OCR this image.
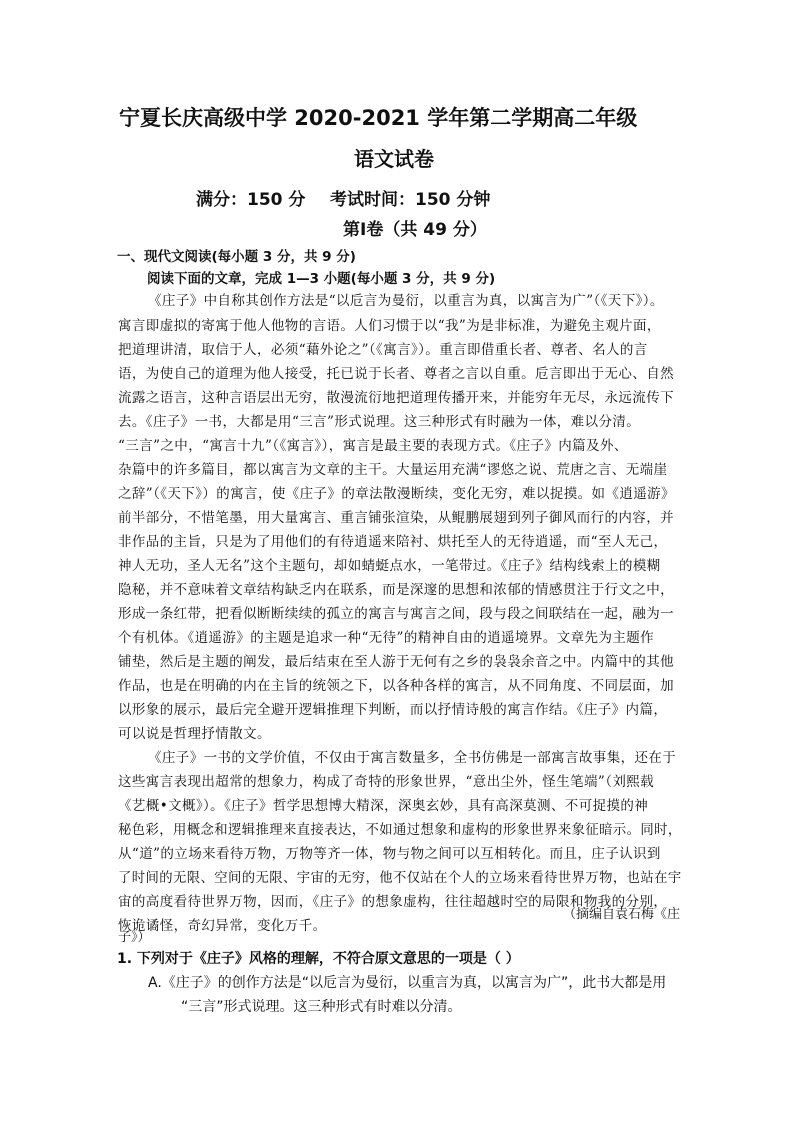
宁夏长庆高级中学 2020-2021 学年第二学期高二年级
语文试卷
满分：150 分 考试时间：150 分钟
第Ⅰ卷（共 49 分）
一、现代文阅读(每小题 3 分，共 9 分)
阅读下面的文章，完成 1—3 小题(每小题 3 分，共 9 分)
《庄子》中自称其创作方法是“以卮言为曼衍，以重言为真，以寓言为广”（《天下》）。
寓言即虚拟的寄寓于他人他物的言语。人们习惯于以“我”为是非标准，为避免主观片面，
把道理讲清，取信于人，必须“藉外论之”（《寓言》）。重言即借重长者、尊者、名人的言
语，为使自己的道理为他人接受，托已说于长者、尊者之言以自重。卮言即出于无心、自然
流露之语言，这种言语层出无穷，散漫流衍地把道理传播开来，并能穷年无尽，永远流传下
去。《庄子》一书，大都是用“三言”形式说理。这三种形式有时融为一体，难以分清。
“三言”之中，“寓言十九”（《寓言》），寓言是最主要的表现方式。《庄子》内篇及外、
杂篇中的许多篇目，都以寓言为文章的主干。大量运用充满“谬悠之说、荒唐之言、无端崖
之辞”（《天下》）的寓言，使《庄子》的章法散漫断续，变化无穷，难以捉摸。如《逍遥游》
前半部分，不惜笔墨，用大量寓言、重言铺张渲染，从鲲鹏展翅到列子御风而行的内容，并
非作品的主旨，只是为了用他们的有待逍遥来陪衬、烘托至人的无待逍遥，而“至人无己，
神人无功，圣人无名”这个主题句，却如蜻蜓点水，一笔带过。《庄子》结构线索上的模糊
隐秘，并不意味着文章结构缺乏内在联系，而是深邃的思想和浓郁的情感贯注于行文之中，
形成一条红带，把看似断断续续的孤立的寓言与寓言之间，段与段之间联结在一起，融为一
个有机体。《逍遥游》的主题是追求一种“无待”的精神自由的逍遥境界。文章先为主题作
铺垫，然后是主题的阐发，最后结束在至人游于无何有之乡的袅袅余音之中。内篇中的其他
作品，也是在明确的内在主旨的统领之下，以各种各样的寓言，从不同角度、不同层面，加
以形象的展示，最后完全避开逻辑推理下判断，而以抒情诗般的寓言作结。《庄子》内篇，
可以说是哲理抒情散文。
《庄子》一书的文学价值，不仅由于寓言数量多，全书仿佛是一部寓言故事集，还在于
这些寓言表现出超常的想象力，构成了奇特的形象世界，“意出尘外，怪生笔端”（刘熙载
《艺概•文概》）。《庄子》哲学思想博大精深，深奥玄妙，具有高深莫测、不可捉摸的神
秘色彩，用概念和逻辑推理来直接表达，不如通过想象和虚构的形象世界来象征暗示。同时，
从“道”的立场来看待万物，万物等齐一体，物与物之间可以互相转化。而且，庄子认识到
了时间的无限、空间的无限、宇宙的无穷，他不仅站在个人的立场来看待世界万物，也站在宇
宙的高度看待世界万物，因而，《庄子》的想象虚构，往往超越时空的局限和物我的分别，
恢诡谲怪，奇幻异常，变化万千。
（摘编自袁石梅《庄
子》）
1. 下列对于《庄子》风格的理解，不符合原文意思的一项是（ ）
A.《庄子》的创作方法是“以卮言为曼衍，以重言为真，以寓言为广”，此书大都是用
“三言”形式说理。这三种形式有时难以分清。
